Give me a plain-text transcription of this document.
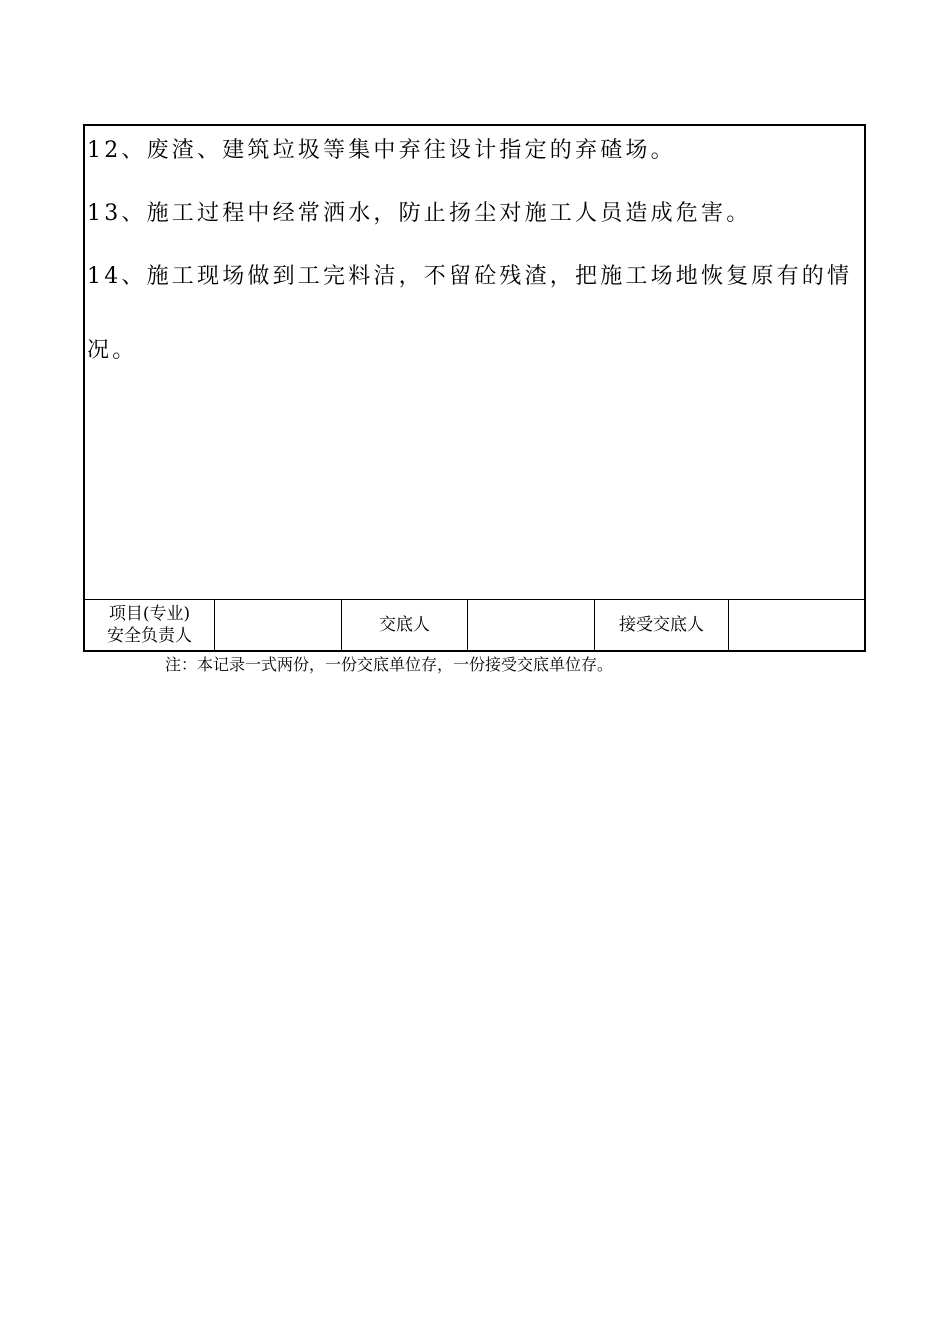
12、废渣、建筑垃圾等集中弃往设计指定的弃碴场。
13、施工过程中经常洒水，防止扬尘对施工人员造成危害。
14、施工现场做到工完料洁，不留砼残渣，把施工场地恢复原有的情
况。
项目(专业)
安全负责人
交底人	接受交底人
注：本记录一式两份，一份交底单位存，一份接受交底单位存。
